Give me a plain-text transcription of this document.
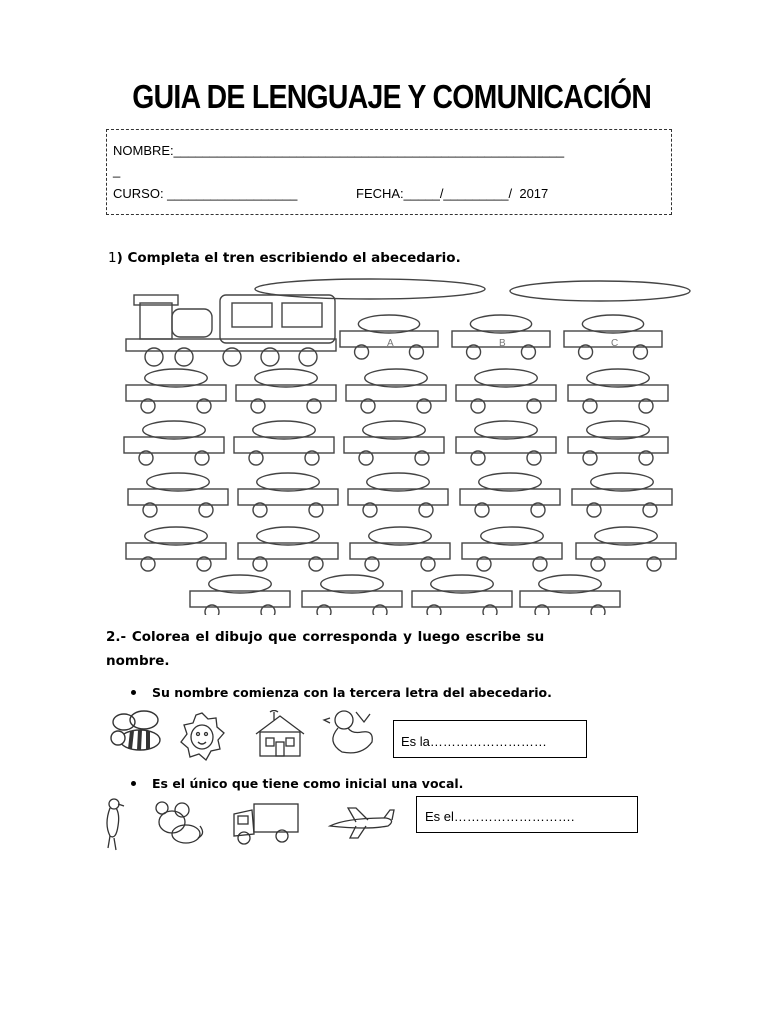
GUIA DE LENGUAJE Y COMUNICACIÓN
NOMBRE:______________________________________________________
_
CURSO: __________________	FECHA:_____/_________/  2017
1) Completa el tren escribiendo el abecedario.
A	B	C
2.- Colorea el dibujo que corresponda y luego escribe su
nombre.
Su nombre comienza con la tercera letra del abecedario.
Es la………………………
Es el único que tiene como inicial una vocal.
Es el……………………….
